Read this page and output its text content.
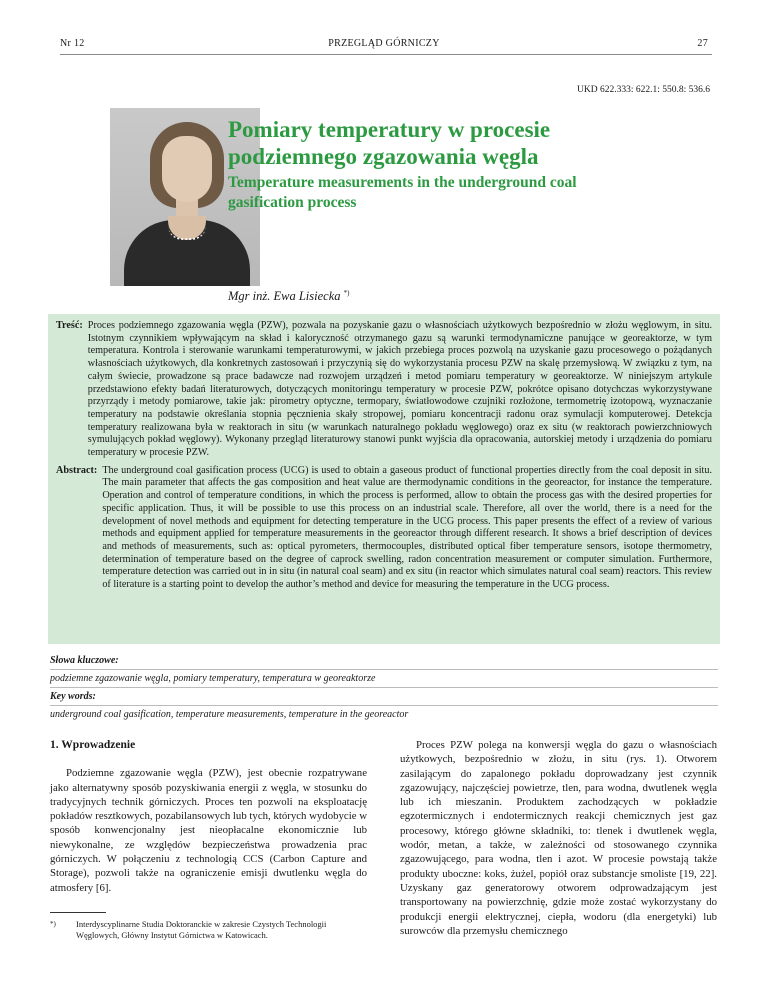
Nr 12	PRZEGLĄD GÓRNICZY	27
UKD 622.333: 622.1: 550.8: 536.6
Pomiary temperatury w procesie podziemnego zgazowania węgla
Temperature measurements in the underground coal gasification process
Mgr inż. Ewa Lisiecka *)
Treść: Proces podziemnego zgazowania węgla (PZW), pozwala na pozyskanie gazu o własnościach użytkowych bezpośrednio w złożu węglowym, in situ. Istotnym czynnikiem wpływającym na skład i kaloryczność otrzymanego gazu są warunki termodynamiczne panujące w georeaktorze, w tym temperatura. Kontrola i sterowanie warunkami temperaturowymi, w jakich przebiega proces pozwolą na uzyskanie gazu procesowego o pożądanych własnościach użytkowych, dla konkretnych zastosowań i przyczynią się do wykorzystania procesu PZW na skalę przemysłową. W związku z tym, na całym świecie, prowadzone są prace badawcze nad rozwojem urządzeń i metod pomiaru temperatury w georeaktorze. W niniejszym artykule przedstawiono efekty badań literaturowych, dotyczących monitoringu temperatury w procesie PZW, pokrótce opisano dotychczas wykorzystywane przyrządy i metody pomiarowe, takie jak: pirometry optyczne, termopary, światłowodowe czujniki rozłożone, termometrię izotopową, wyznaczanie temperatury na podstawie określania stopnia pęcznienia skały stropowej, pomiaru koncentracji radonu oraz symulacji komputerowej. Detekcja temperatury realizowana była w reaktorach in situ (w warunkach naturalnego pokładu węglowego) oraz ex situ (w reaktorach powierzchniowych symulujących pokład węglowy). Wykonany przegląd literaturowy stanowi punkt wyjścia dla opracowania, autorskiej metody i urządzenia do pomiaru temperatury w procesie PZW.
Abstract: The underground coal gasification process (UCG) is used to obtain a gaseous product of functional properties directly from the coal deposit in situ. The main parameter that affects the gas composition and heat value are thermodynamic conditions in the georeactor, for instance the temperature. Operation and control of temperature conditions, in which the process is performed, allow to obtain the process gas with the desired properties for specific application. Thus, it will be possible to use this process on an industrial scale. Therefore, all over the world, there is a need for the development of novel methods and equipment for detecting temperature in the UCG process. This paper presents the effect of a review of various methods and equipment applied for temperature measurements in the georeactor through different research. It shows a brief description of devices and methods of measurements, such as: optical pyrometers, thermocouples, distributed optical fiber temperature sensors, isotope thermometry, determination of temperature based on the degree of caprock swelling, radon concentration measurement or computer simulation. Furthermore, temperature detection was carried out in in situ (in natural coal seam) and ex situ (in reactor which simulates natural coal seam) reactors. This review of literature is a starting point to develop the author’s method and device for measuring the temperature in the UCG process.
Słowa kluczowe:
podziemne zgazowanie węgla, pomiary temperatury, temperatura w georeaktorze
Key words:
underground coal gasification, temperature measurements, temperature in the georeactor
1. Wprowadzenie

Podziemne zgazowanie węgla (PZW), jest obecnie rozpatrywane jako alternatywny sposób pozyskiwania energii z węgla, w stosunku do tradycyjnych technik górniczych. Proces ten pozwoli na eksploatację pokładów resztkowych, pozabilansowych lub tych, których wydobycie w sposób konwencjonalny jest nieopłacalne ekonomicznie lub niewykonalne, ze względów bezpieczeństwa prowadzenia prac górniczych. W połączeniu z technologią CCS (Carbon Capture and Storage), pozwoli także na ograniczenie emisji dwutlenku węgla do atmosfery [6].

Proces PZW polega na konwersji węgla do gazu o własnościach użytkowych, bezpośrednio w złożu, in situ (rys. 1). Otworem zasilającym do zapalonego pokładu doprowadzany jest czynnik zgazowujący, najczęściej powietrze, tlen, para wodna, dwutlenek węgla lub ich mieszanin. Produktem zachodzących w pokładzie egzotermicznych i endotermicznych reakcji chemicznych jest gaz procesowy, którego główne składniki, to: tlenek i dwutlenek węgla, wodór, metan, a także, w zależności od stosowanego czynnika zgazowującego, para wodna, tlen i azot. W procesie powstają także produkty uboczne: koks, żużel, popiół oraz substancje smoliste [19, 22]. Uzyskany gaz generatorowy otworem odprowadzającym jest transportowany na powierzchnię, gdzie może zostać wykorzystany do produkcji energii elektrycznej, ciepła, wodoru (dla energetyki) lub surowców dla przemysłu chemicznego

*)	Interdyscyplinarne Studia Doktoranckie w zakresie Czystych Technologii Węglowych, Główny Instytut Górnictwa w Katowicach.
